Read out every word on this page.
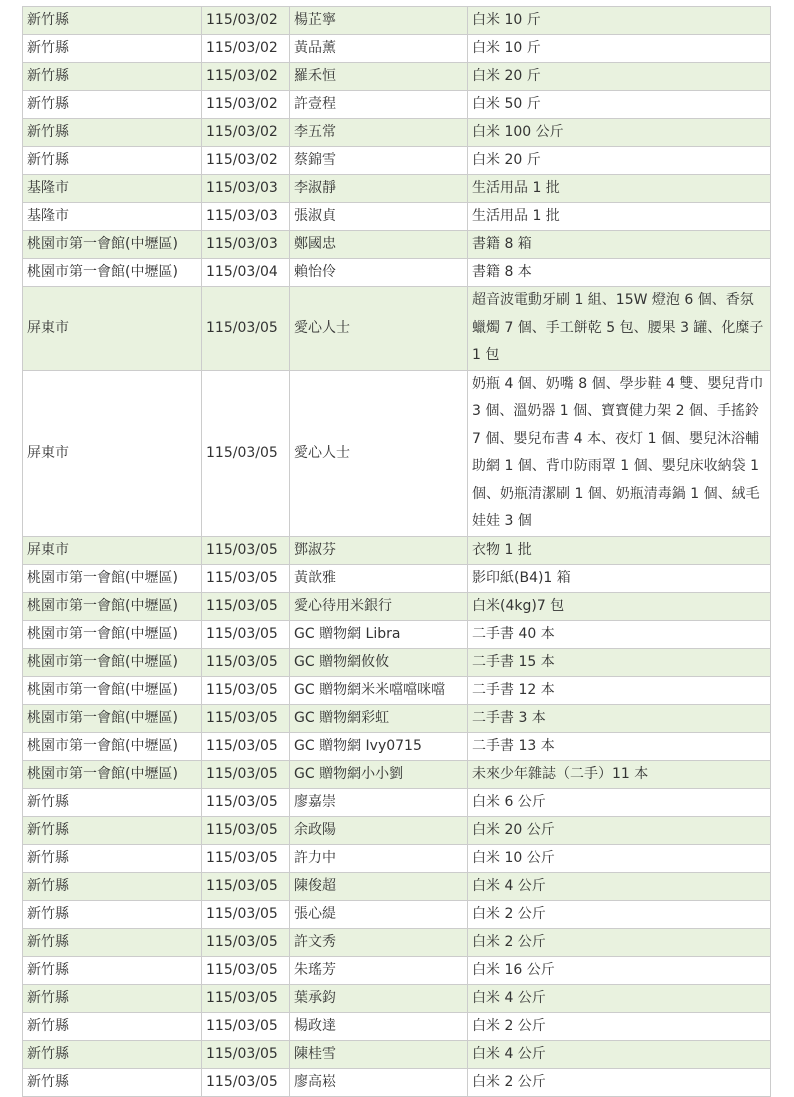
新竹縣	115/03/02	楊芷寧	白米 10 斤
新竹縣	115/03/02	黃品薰	白米 10 斤
新竹縣	115/03/02	羅禾恒	白米 20 斤
新竹縣	115/03/02	許壹程	白米 50 斤
新竹縣	115/03/02	李五常	白米 100 公斤
新竹縣	115/03/02	蔡錦雪	白米 20 斤
基隆市	115/03/03	李淑靜	生活用品 1 批
基隆市	115/03/03	張淑貞	生活用品 1 批
桃園市第一會館(中壢區)	115/03/03	鄭國忠	書籍 8 箱
桃園市第一會館(中壢區)	115/03/04	賴怡伶	書籍 8 本
屏東市	115/03/05	愛心人士	超音波電動牙刷 1 組、15W 燈泡 6 個、香氛蠟燭 7 個、手工餅乾 5 包、腰果 3 罐、化糜子 1 包
屏東市	115/03/05	愛心人士	奶瓶 4 個、奶嘴 8 個、學步鞋 4 雙、嬰兒背巾 3 個、溫奶器 1 個、寶寶健力架 2 個、手搖鈴 7 個、嬰兒布書 4 本、夜灯 1 個、嬰兒沐浴輔助網 1 個、背巾防雨罩 1 個、嬰兒床收納袋 1 個、奶瓶清潔刷 1 個、奶瓶清毒鍋 1 個、絨毛娃娃 3 個
屏東市	115/03/05	鄧淑芬	衣物 1 批
桃園市第一會館(中壢區)	115/03/05	黃歆雅	影印紙(B4)1 箱
桃園市第一會館(中壢區)	115/03/05	愛心待用米銀行	白米(4kg)7 包
桃園市第一會館(中壢區)	115/03/05	GC 贈物網 Libra	二手書 40 本
桃園市第一會館(中壢區)	115/03/05	GC 贈物網攸攸	二手書 15 本
桃園市第一會館(中壢區)	115/03/05	GC 贈物網米米噹噹咪噹	二手書 12 本
桃園市第一會館(中壢區)	115/03/05	GC 贈物網彩虹	二手書 3 本
桃園市第一會館(中壢區)	115/03/05	GC 贈物網 Ivy0715	二手書 13 本
桃園市第一會館(中壢區)	115/03/05	GC 贈物網小小劉	未來少年雜誌（二手）11 本
新竹縣	115/03/05	廖嘉崇	白米 6 公斤
新竹縣	115/03/05	余政陽	白米 20 公斤
新竹縣	115/03/05	許力中	白米 10 公斤
新竹縣	115/03/05	陳俊超	白米 4 公斤
新竹縣	115/03/05	張心緹	白米 2 公斤
新竹縣	115/03/05	許文秀	白米 2 公斤
新竹縣	115/03/05	朱瑤芳	白米 16 公斤
新竹縣	115/03/05	葉承鈞	白米 4 公斤
新竹縣	115/03/05	楊政達	白米 2 公斤
新竹縣	115/03/05	陳桂雪	白米 4 公斤
新竹縣	115/03/05	廖高崧	白米 2 公斤
